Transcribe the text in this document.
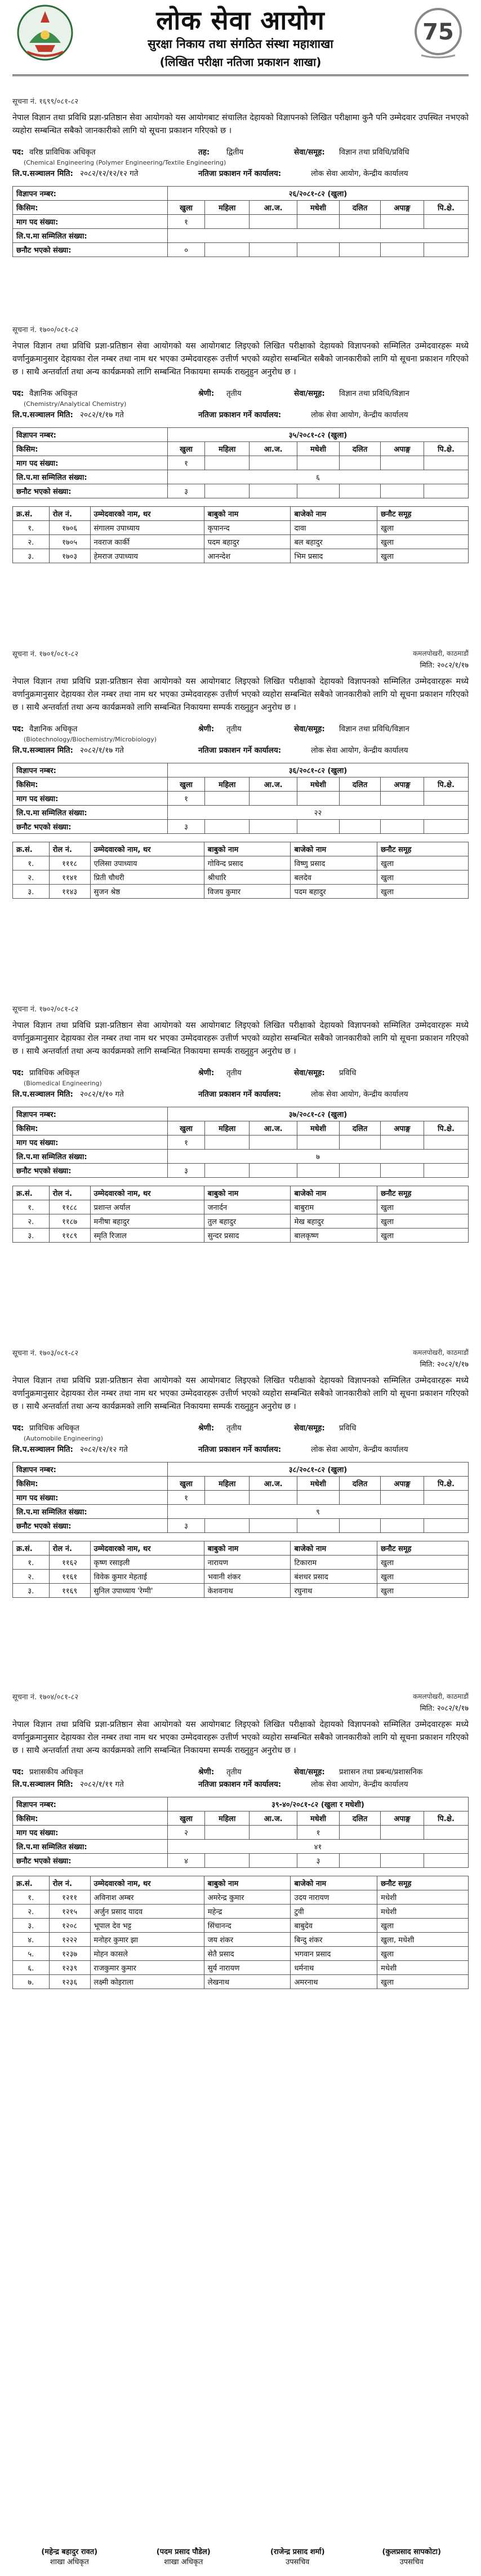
लोक सेवा आयोग
सुरक्षा निकाय तथा संगठित संस्था महाशाखा
(लिखित परीक्षा नतिजा प्रकाशन शाखा)
75
सूचना नं. १६९९/०८१-८२
नेपाल विज्ञान तथा प्रविधि प्रज्ञा-प्रतिष्ठान सेवा आयोगको यस आयोगबाट संचालित देहायको विज्ञापनको लिखित परीक्षामा कुनै पनि उम्मेदवार उपस्थित नभएको व्यहोरा सम्बन्धित सबैको जानकारीको लागि यो सूचना प्रकाशन गरिएको छ ।
पद: वरिष्ठ प्राविधिक अधिकृत	तह: द्वितीय	सेवा/समूह: विज्ञान तथा प्रविधि/प्रविधि
(Chemical Engineering (Polymer Engineering/Textile Engineering)
लि.प.सञ्चालन मिति: २०८२/१२/१२/१२ गते	नतिजा प्रकाशन गर्ने कार्यालय:	लोक सेवा आयोग, केन्द्रीय कार्यालय
विज्ञापन नम्बर:	२६/२०८१-८२ (खुला)						
किसिम:	खुला	महिला	आ.ज.	मधेशी	दलित	अपाङ्ग	पि.क्षे.
माग पद संख्या:	१						
लि.प.मा सम्मिलित संख्या:							
छनौट भएको संख्या:	०						
सूचना नं. १७००/०८१-८२
नेपाल विज्ञान तथा प्रविधि प्रज्ञा-प्रतिष्ठान सेवा आयोगको यस आयोगबाट लिइएको लिखित परीक्षाको देहायको विज्ञापनको सम्मिलित उम्मेदवारहरू मध्ये वर्णानुक्रमानुसार देहायका रोल नम्बर तथा नाम थर भएका उम्मेदवारहरू उत्तीर्ण भएको व्यहोरा सम्बन्धित सबैको जानकारीको लागि यो सूचना प्रकाशन गरिएको छ । साथै अन्तर्वार्ता तथा अन्य कार्यक्रमको लागि सम्बन्धित निकायमा सम्पर्क राख्नुहुन अनुरोध छ ।
पद: वैज्ञानिक अधिकृत	श्रेणी: तृतीय	सेवा/समूह: विज्ञान तथा प्रविधि/विज्ञान
(Chemistry/Analytical Chemistry)
लि.प.सञ्चालन मिति: २०८२/१/१७ गते	नतिजा प्रकाशन गर्ने कार्यालय:	लोक सेवा आयोग, केन्द्रीय कार्यालय
विज्ञापन नम्बर:	३५/२०८१-८२ (खुला)						
किसिम:	खुला	महिला	आ.ज.	मधेशी	दलित	अपाङ्ग	पि.क्षे.
माग पद संख्या:	१						
लि.प.मा सम्मिलित संख्या:	६						
छनौट भएको संख्या:	३						
क्र.सं.	रोल नं.	उम्मेदवारको नाम, थर	बाबुको नाम	बाजेको नाम	छनौट समूह
१.	१७०६	संगालम उपाध्याय	कृपानन्द	दावा	खुला
२.	१७०५	नवराज कार्की	पदम बहादुर	बल बहादुर	खुला
३.	१७०३	हेमराज उपाध्याय	आनन्देश	भिम प्रसाद	खुला
सूचना नं. १७०१/०८१-८२	कमलपोखरी, काठमाडौं
मिति: २०८२/१/१७
नेपाल विज्ञान तथा प्रविधि प्रज्ञा-प्रतिष्ठान सेवा आयोगको यस आयोगबाट लिइएको लिखित परीक्षाको देहायको विज्ञापनको सम्मिलित उम्मेदवारहरू मध्ये वर्णानुक्रमानुसार देहायका रोल नम्बर तथा नाम थर भएका उम्मेदवारहरू उत्तीर्ण भएको व्यहोरा सम्बन्धित सबैको जानकारीको लागि यो सूचना प्रकाशन गरिएको छ । साथै अन्तर्वार्ता तथा अन्य कार्यक्रमको लागि सम्बन्धित निकायमा सम्पर्क राख्नुहुन अनुरोध छ ।
पद: वैज्ञानिक अधिकृत	श्रेणी: तृतीय	सेवा/समूह: विज्ञान तथा प्रविधि/विज्ञान
(Biotechnology/Biochemistry/Microbiology)
लि.प.सञ्चालन मिति: २०८२/१/१७ गते	नतिजा प्रकाशन गर्ने कार्यालय:	लोक सेवा आयोग, केन्द्रीय कार्यालय
विज्ञापन नम्बर:	३६/२०८१-८२ (खुला)						
किसिम:	खुला	महिला	आ.ज.	मधेशी	दलित	अपाङ्ग	पि.क्षे.
माग पद संख्या:	१						
लि.प.मा सम्मिलित संख्या:	२२						
छनौट भएको संख्या:	३						
क्र.सं.	रोल नं.	उम्मेदवारको नाम, थर	बाबुको नाम	बाजेको नाम	छनौट समूह
१.	१११८	एलिसा उपाध्याय	गोविन्द प्रसाद	विष्णु प्रसाद	खुला
२.	११४१	प्रिती चौधरी	श्रीधारि	बलदेव	खुला
३.	११४३	सुजन श्रेष्ठ	विजय कुमार	पदम बहादुर	खुला
सूचना नं. १७०२/०८१-८२
नेपाल विज्ञान तथा प्रविधि प्रज्ञा-प्रतिष्ठान सेवा आयोगको यस आयोगबाट लिइएको लिखित परीक्षाको देहायको विज्ञापनको सम्मिलित उम्मेदवारहरू मध्ये वर्णानुक्रमानुसार देहायका रोल नम्बर तथा नाम थर भएका उम्मेदवारहरू उत्तीर्ण भएको व्यहोरा सम्बन्धित सबैको जानकारीको लागि यो सूचना प्रकाशन गरिएको छ । साथै अन्तर्वार्ता तथा अन्य कार्यक्रमको लागि सम्बन्धित निकायमा सम्पर्क राख्नुहुन अनुरोध छ ।
पद: प्राविधिक अधिकृत	श्रेणी: तृतीय	सेवा/समूह: प्रविधि
(Biomedical Engineering)
लि.प.सञ्चालन मिति: २०८२/१/१० गते	नतिजा प्रकाशन गर्ने कार्यालय:	लोक सेवा आयोग, केन्द्रीय कार्यालय
विज्ञापन नम्बर:	३७/२०८१-८२ (खुला)						
किसिम:	खुला	महिला	आ.ज.	मधेशी	दलित	अपाङ्ग	पि.क्षे.
माग पद संख्या:	१						
लि.प.मा सम्मिलित संख्या:	७						
छनौट भएको संख्या:	३						
क्र.सं.	रोल नं.	उम्मेदवारको नाम, थर	बाबुको नाम	बाजेको नाम	छनौट समूह
१.	११८८	प्रशान्त अर्याल	जनार्दन	बाबुराम	खुला
२.	११८७	मनीषा बहादुर	तुल बहादुर	मेख बहादुर	खुला
३.	११८९	स्मृति रिजाल	सुन्दर प्रसाद	बालकृष्ण	खुला
सूचना नं. १७०३/०८१-८२	कमलपोखरी, काठमाडौं
मिति: २०८२/१/१७
नेपाल विज्ञान तथा प्रविधि प्रज्ञा-प्रतिष्ठान सेवा आयोगको यस आयोगबाट लिइएको लिखित परीक्षाको देहायको विज्ञापनको सम्मिलित उम्मेदवारहरू मध्ये वर्णानुक्रमानुसार देहायका रोल नम्बर तथा नाम थर भएका उम्मेदवारहरू उत्तीर्ण भएको व्यहोरा सम्बन्धित सबैको जानकारीको लागि यो सूचना प्रकाशन गरिएको छ । साथै अन्तर्वार्ता तथा अन्य कार्यक्रमको लागि सम्बन्धित निकायमा सम्पर्क राख्नुहुन अनुरोध छ ।
पद: प्राविधिक अधिकृत	श्रेणी: तृतीय	सेवा/समूह: प्रविधि
(Automobile Engineering)
लि.प.सञ्चालन मिति: २०८२/१२/१२ गते	नतिजा प्रकाशन गर्ने कार्यालय:	लोक सेवा आयोग, केन्द्रीय कार्यालय
विज्ञापन नम्बर:	३८/२०८१-८२ (खुला)						
किसिम:	खुला	महिला	आ.ज.	मधेशी	दलित	अपाङ्ग	पि.क्षे.
माग पद संख्या:	१						
लि.प.मा सम्मिलित संख्या:	९						
छनौट भएको संख्या:	३						
क्र.सं.	रोल नं.	उम्मेदवारको नाम, थर	बाबुको नाम	बाजेको नाम	छनौट समूह
१.	११६२	कृष्ण रसाइली	नारायण	टिकाराम	खुला
२.	११६१	विवेक कुमार मेहताई	भवानी शंकर	बंशधर प्रसाद	खुला
३.	११६९	सुनिल उपाध्याय 'रेग्मी'	केशवनाथ	रघुनाथ	खुला
सूचना नं. १७०४/०८१-८२	कमलपोखरी, काठमाडौं
मिति: २०८२/१/१७
नेपाल विज्ञान तथा प्रविधि प्रज्ञा-प्रतिष्ठान सेवा आयोगको यस आयोगबाट लिइएको लिखित परीक्षाको देहायको विज्ञापनको सम्मिलित उम्मेदवारहरू मध्ये वर्णानुक्रमानुसार देहायका रोल नम्बर तथा नाम थर भएका उम्मेदवारहरू उत्तीर्ण भएको व्यहोरा सम्बन्धित सबैको जानकारीको लागि यो सूचना प्रकाशन गरिएको छ । साथै अन्तर्वार्ता तथा अन्य कार्यक्रमको लागि सम्बन्धित निकायमा सम्पर्क राख्नुहुन अनुरोध छ ।
पद: प्रशासकीय अधिकृत	श्रेणी: तृतीय	सेवा/समूह: प्रशासन तथा प्रबन्ध/प्रशासनिक
लि.प.सञ्चालन मिति: २०८२/१/११ गते	नतिजा प्रकाशन गर्ने कार्यालय:	लोक सेवा आयोग, केन्द्रीय कार्यालय
विज्ञापन नम्बर:	३९-४०/२०८१-८२ (खुला र मधेशी)						
किसिम:	खुला	महिला	आ.ज.	मधेशी	दलित	अपाङ्ग	पि.क्षे.
माग पद संख्या:	२			१			
लि.प.मा सम्मिलित संख्या:	४१						
छनौट भएको संख्या:	४			३			
क्र.सं.	रोल नं.	उम्मेदवारको नाम, थर	बाबुको नाम	बाजेको नाम	छनौट समूह
१.	१२११	अविनाश अम्बर	अमरेन्द्र कुमार	उदय नारायण	मधेशी
२.	१२१५	अर्जुन प्रसाद यादव	महेन्द्र	टुवी	मधेशी
३.	१२०८	भूपाल देव भट्ट	सिंचानन्द	बाबुदेव	खुला
४.	१२२२	मनोहर कुमार झा	जय शंकर	बिन्दु शंकर	खुला, मधेशी
५.	१२३७	मोहन कासले	सेतै प्रसाद	भगवान प्रसाद	खुला
६.	१२३९	राजकुमार कुमार	सुर्य नारायण	धर्मनाथ	मधेशी
७.	१२३६	लक्ष्मी कोइराला	लेखनाथ	अमरनाथ	खुला
(महेन्द्र बहादुर रावत)
शाखा अधिकृत
(पदम प्रसाद पौडेल)
शाखा अधिकृत
(राजेन्द्र प्रसाद शर्मा)
उपसचिव
(कुलप्रसाद सापकोटा)
उपसचिव
